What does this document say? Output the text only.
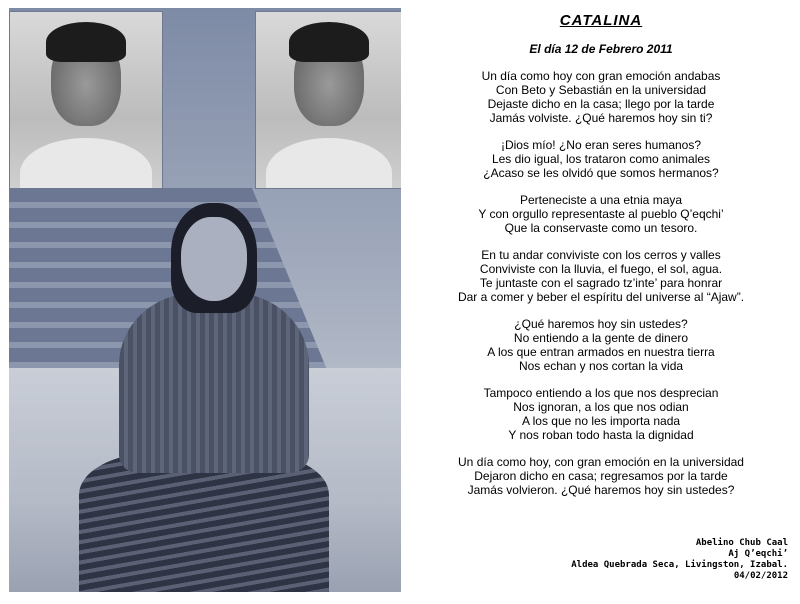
CATALINA
El día 12 de Febrero 2011
Un día como hoy con gran emoción andabas
Con Beto y Sebastián en la universidad
Dejaste dicho en la casa; llego por la tarde
Jamás volviste. ¿Qué haremos hoy sin ti?
¡Dios mío! ¿No eran seres humanos?
Les dio igual, los trataron como animales
¿Acaso se les olvidó que somos hermanos?
Perteneciste a una etnia maya
Y con orgullo representaste al pueblo Q’eqchi’
Que la conservaste como un tesoro.
En tu andar conviviste con los cerros y valles
Conviviste con la lluvia, el fuego, el sol, agua.
Te juntaste con el sagrado tz’inte’ para honrar
Dar a comer y beber el espíritu del universe al “Ajaw”.
¿Qué haremos hoy sin ustedes?
No entiendo a la gente de dinero
A los que entran armados en nuestra tierra
Nos echan y nos cortan la vida
Tampoco entiendo a los que nos desprecian
Nos ignoran, a los que nos odian
A los que no les importa nada
Y nos roban todo hasta la dignidad
Un día como hoy, con gran emoción en la universidad
Dejaron dicho en casa; regresamos por la tarde
Jamás volvieron. ¿Qué haremos hoy sin ustedes?
Abelino Chub Caal
Aj Q’eqchi’
Aldea Quebrada Seca, Livingston, Izabal.
04/02/2012
